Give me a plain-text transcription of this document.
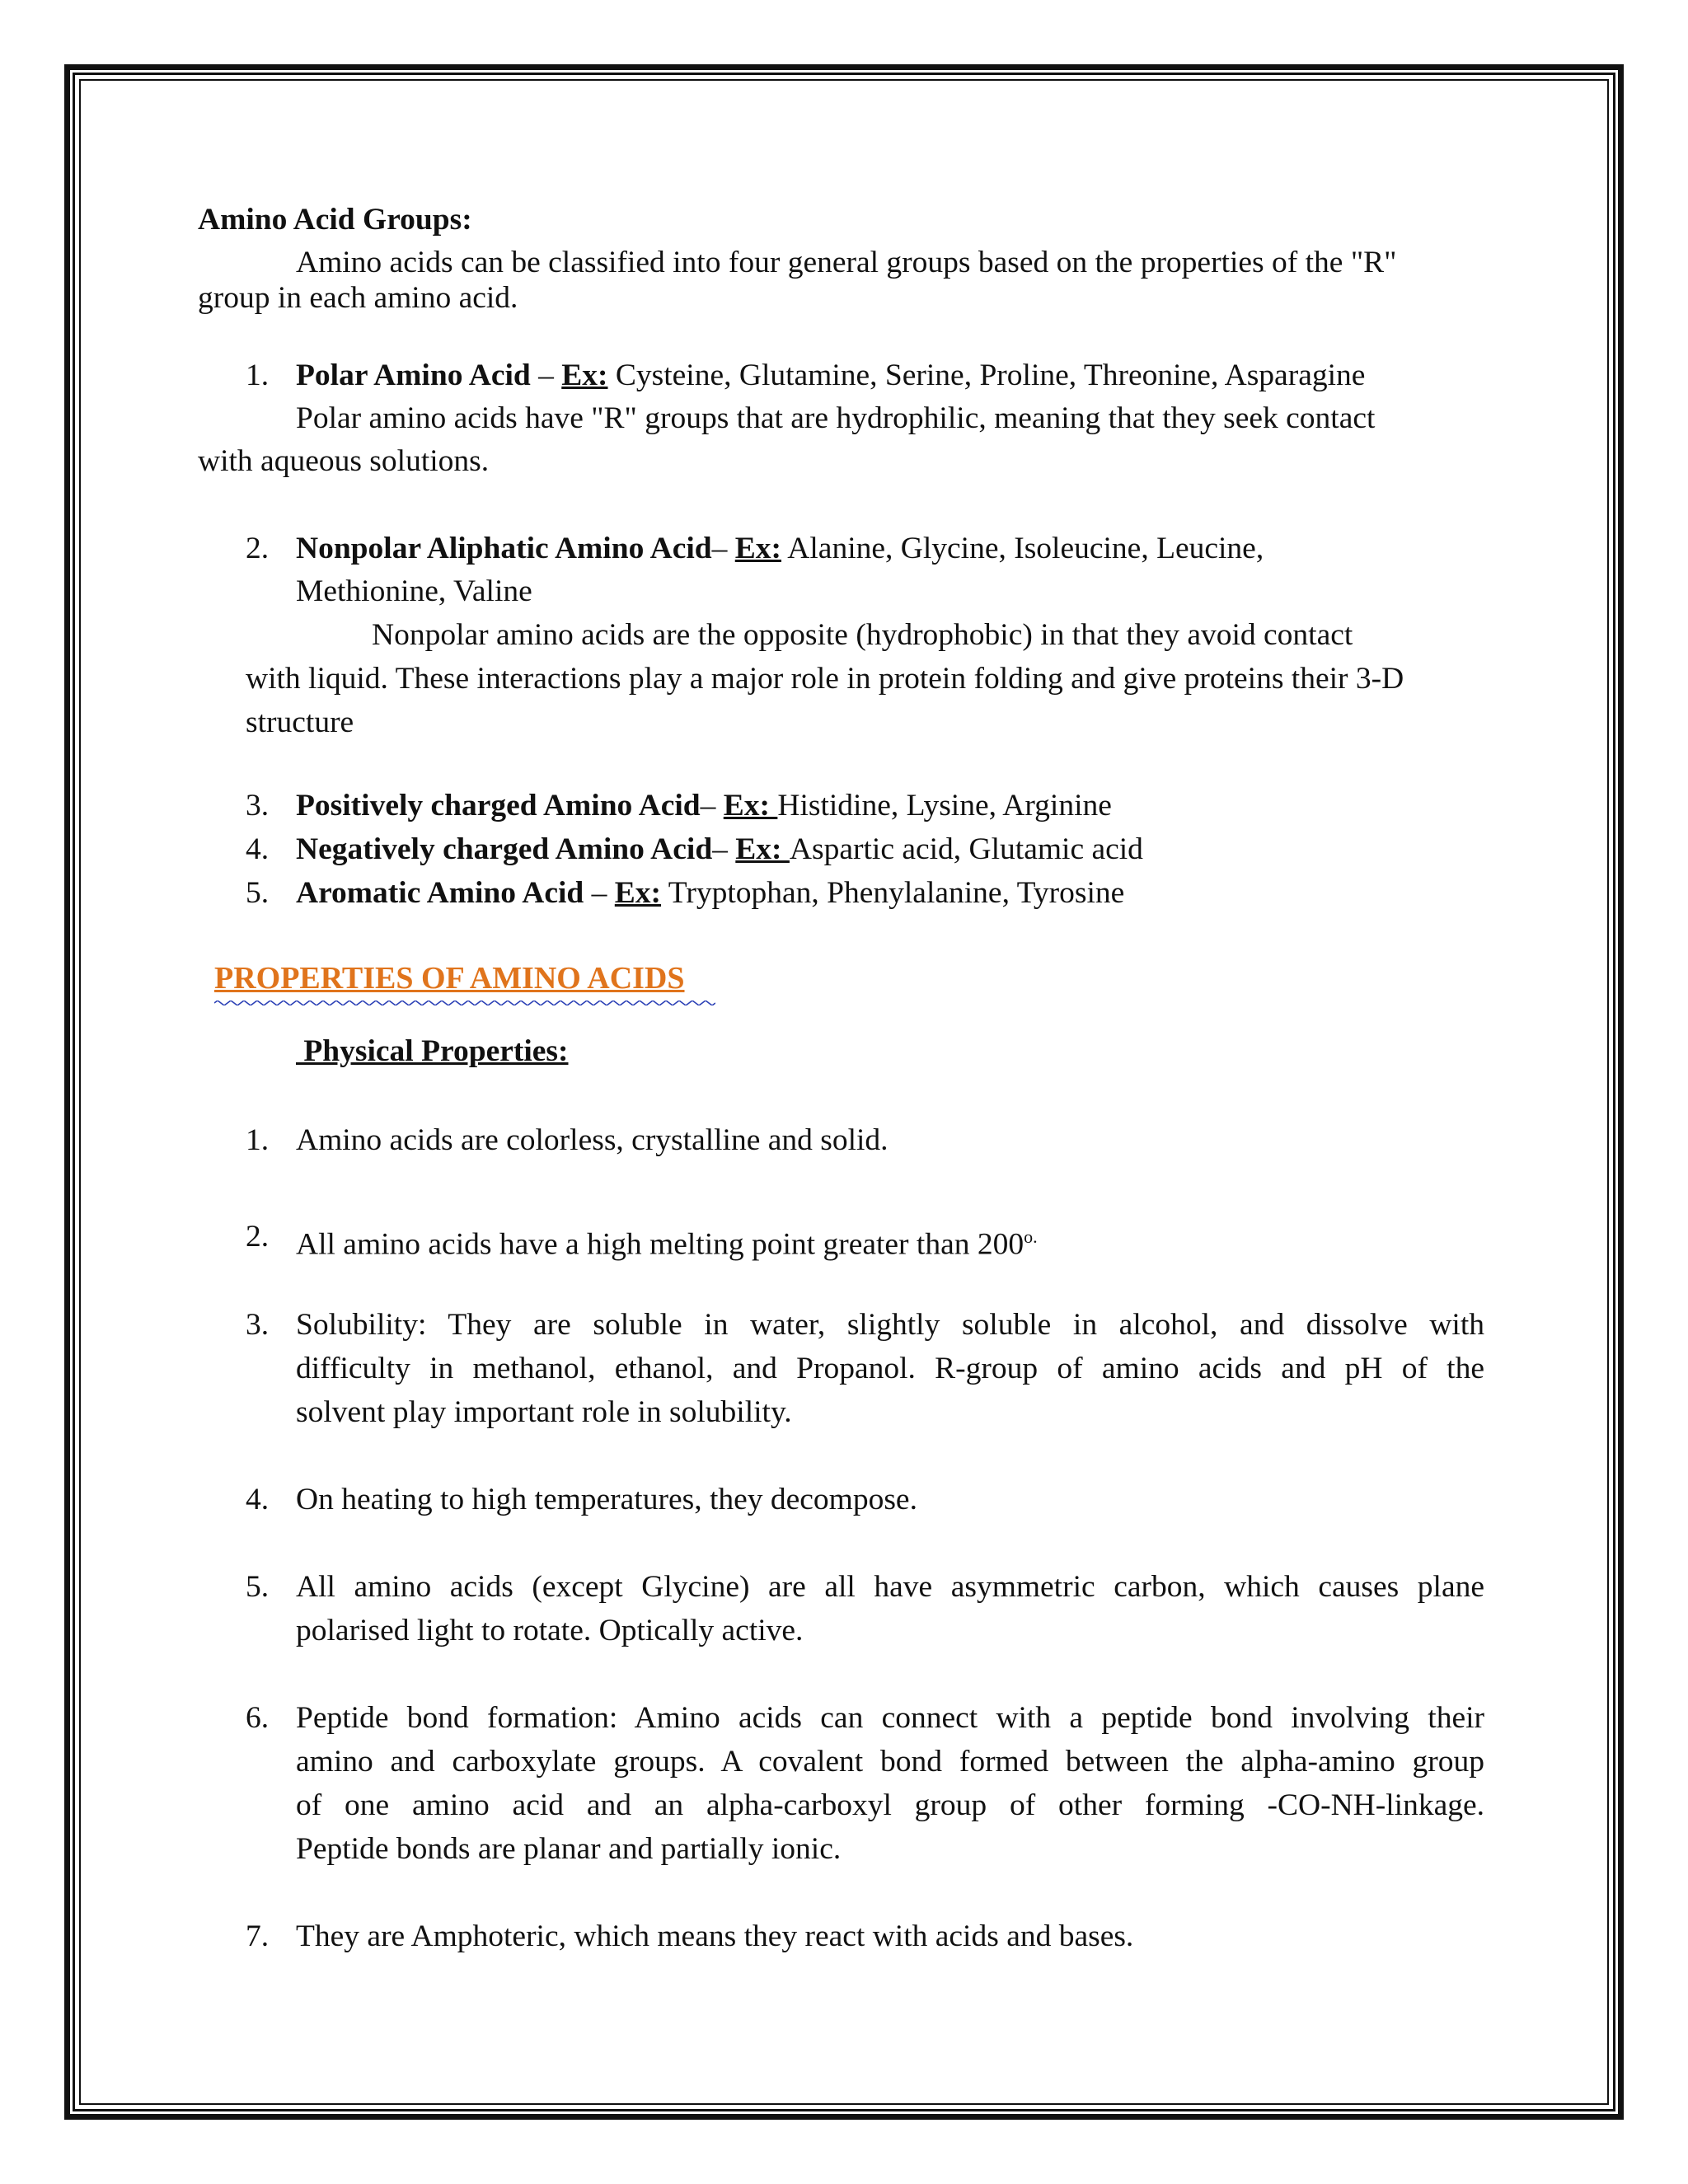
Amino Acid Groups:
Amino acids can be classified into four general groups based on the properties of the "R"
group in each amino acid.
1. Polar Amino Acid – Ex: Cysteine, Glutamine, Serine, Proline, Threonine, Asparagine
Polar amino acids have "R" groups that are hydrophilic, meaning that they seek contact
with aqueous solutions.
2. Nonpolar Aliphatic Amino Acid– Ex: Alanine, Glycine, Isoleucine, Leucine,
Methionine, Valine
Nonpolar amino acids are the opposite (hydrophobic) in that they avoid contact
with liquid. These interactions play a major role in protein folding and give proteins their 3-D
structure
3. Positively charged Amino Acid– Ex: Histidine, Lysine, Arginine
4. Negatively charged Amino Acid– Ex: Aspartic acid, Glutamic acid
5. Aromatic Amino Acid – Ex: Tryptophan, Phenylalanine, Tyrosine
PROPERTIES OF AMINO ACIDS
Physical Properties:
1. Amino acids are colorless, crystalline and solid.
2. All amino acids have a high melting point greater than $200^{o.}$
3. Solubility: They are soluble in water, slightly soluble in alcohol, and dissolve with
difficulty in methanol, ethanol, and Propanol. R-group of amino acids and pH of the
solvent play important role in solubility.
4. On heating to high temperatures, they decompose.
5. All amino acids (except Glycine) are all have asymmetric carbon, which causes plane
polarised light to rotate. Optically active.
6. Peptide bond formation: Amino acids can connect with a peptide bond involving their
amino and carboxylate groups. A covalent bond formed between the alpha-amino group
of one amino acid and an alpha-carboxyl group of other forming -CO-NH-linkage.
Peptide bonds are planar and partially ionic.
7. They are Amphoteric, which means they react with acids and bases.
